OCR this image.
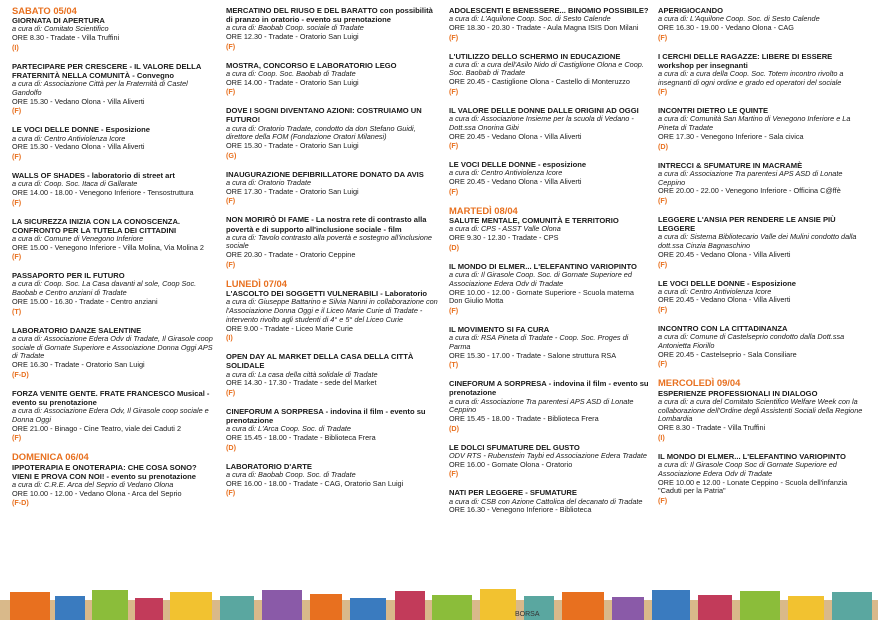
SABATO 05/04
GIORNATA DI APERTURA
a cura di: Comitato Scientifico
ORE 8.30 - Tradate - Villa Truffini
(I)
PARTECIPARE PER CRESCERE - IL VALORE DELLA FRATERNITÀ NELLA COMUNITÀ - Convegno
a cura di: Associazione Città per la Fraternità di Castel Gandolfo
ORE 15.30 - Vedano Olona - Villa Aliverti
(F)
LE VOCI DELLE DONNE - Esposizione
a cura di: Centro Antiviolenza Icore
ORE 15.30 - Vedano Olona - Villa Aliverti
(F)
WALLS OF SHADES - laboratorio di street art
a cura di: Coop. Soc. Itaca di Gallarate
ORE 14.00 - 18.00 - Venegono Inferiore - Tensostruttura
(F)
LA SICUREZZA INIZIA CON LA CONOSCENZA. CONFRONTO PER LA TUTELA DEI CITTADINI
a cura di: Comune di Venegono Inferiore
ORE 15.00 - Venegono Inferiore - Villa Molina, Via Molina 2
(F)
PASSAPORTO PER IL FUTURO
a cura di: Coop. Soc. La Casa davanti al sole, Coop Soc. Baobab e Centro anziani di Tradate
ORE 15.00 - 16.30 - Tradate - Centro anziani
(T)
LABORATORIO DANZE SALENTINE
a cura di: Associazione Edera Odv di Tradate, Il Girasole coop sociale di Gornate Superiore e Associazione Donna Oggi APS di Tradate
ORE 16.30 - Tradate - Oratorio San Luigi
(F-D)
FORZA VENITE GENTE. FRATE FRANCESCO Musical - evento su prenotazione
a cura di: Associazione Edera Odv, Il Girasole coop sociale e Donna Oggi
ORE 21.00 - Binago - Cine Teatro, viale dei Caduti 2
(F)
DOMENICA 06/04
IPPOTERAPIA E ONOTERAPIA: CHE COSA SONO? VIENI E PROVA CON NOI! - evento su prenotazione
a cura di: C.R.E. Arca del Seprio di Vedano Olona
ORE 10.00 - 12.00 - Vedano Olona - Arca del Seprio
(F-D)
MERCATINO DEL RIUSO E DEL BARATTO con possibilità di pranzo in oratorio - evento su prenotazione
a cura di: Baobab Coop. sociale di Tradate
ORE 12.30 - Tradate - Oratorio San Luigi
(F)
MOSTRA, CONCORSO E LABORATORIO LEGO
a cura di: Coop. Soc. Baobab di Tradate
ORE 14.00 - Tradate - Oratorio San Luigi
(F)
DOVE I SOGNI DIVENTANO AZIONI: COSTRUIAMO UN FUTURO!
a cura di: Oratorio Tradate, condotto da don Stefano Guidi, direttore della FOM (Fondazione Oratori Milanesi)
ORE 15.30 - Tradate - Oratorio San Luigi
(G)
INAUGURAZIONE DEFIBRILLATORE DONATO DA AVIS
a cura di: Oratorio Tradate
ORE 17.30 - Tradate - Oratorio San Luigi
(F)
NON MORIRÒ DI FAME - La nostra rete di contrasto alla povertà e di supporto all'inclusione sociale - film
a cura di: Tavolo contrasto alla povertà e sostegno all'inclusione sociale
ORE 20.30 - Tradate - Oratorio Ceppine
(F)
LUNEDÌ 07/04
L'ASCOLTO DEI SOGGETTI VULNERABILI - Laboratorio
a cura di: Giuseppe Battarino e Silvia Nanni in collaborazione con l'Associazione Donna Oggi e il Liceo Marie Curie di Tradate - intervento rivolto agli studenti di 4° e 5° del Liceo Curie
ORE 9.00 - Tradate - Liceo Marie Curie
(I)
OPEN DAY AL MARKET DELLA CASA DELLA CITTÀ SOLIDALE
a cura di: La casa della città solidale di Tradate
ORE 14.30 - 17.30 - Tradate - sede del Market
(F)
CINEFORUM A SORPRESA - indovina il film - evento su prenotazione
a cura di: L'Arca Coop. Soc. di Tradate
ORE 15.45 - 18.00 - Tradate - Biblioteca Frera
(D)
LABORATORIO D'ARTE
a cura di: Baobab Coop. Soc. di Tradate
ORE 16.00 - 18.00 - Tradate - CAG, Oratorio San Luigi
(F)
ADOLESCENTI E BENESSERE... BINOMIO POSSIBILE?
a cura di: L'Aquilone Coop. Soc. di Sesto Calende
ORE 18.30 - 20.30 - Tradate - Aula Magna ISIS Don Milani
(F)
L'UTILIZZO DELLO SCHERMO IN EDUCAZIONE
a cura di: a cura dell'Asilo Nido di Castiglione Olona e Coop. Soc. Baobab di Tradate
ORE 20.45 - Castiglione Olona - Castello di Monteruzzo
(F)
IL VALORE DELLE DONNE DALLE ORIGINI AD OGGI
a cura di: Associazione Insieme per la scuola di Vedano - Dott.ssa Onorina Gibi
ORE 20.45 - Vedano Olona - Villa Aliverti
(F)
LE VOCI DELLE DONNE - esposizione
a cura di: Centro Antiviolenza Icore
ORE 20.45 - Vedano Olona - Villa Aliverti
(F)
MARTEDÌ 08/04
SALUTE MENTALE, COMUNITÀ E TERRITORIO
a cura di: CPS - ASST Valle Olona
ORE 9.30 - 12.30 - Tradate - CPS
(D)
IL MONDO DI ELMER... L'ELEFANTINO VARIOPINTO
a cura di: Il Girasole Coop. Soc. di Gornate Superiore ed Associazione Edera Odv di Tradate
ORE 10.00 - 12.00 - Gornate Superiore - Scuola materna Don Giulio Motta
(F)
IL MOVIMENTO SI FA CURA
a cura di: RSA Pineta di Tradate - Coop. Soc. Proges di Parma
ORE 15.30 - 17.00 - Tradate - Salone struttura RSA
(T)
CINEFORUM A SORPRESA - indovina il film - evento su prenotazione
a cura di: Associazione Tra parentesi APS ASD di Lonate Ceppino
ORE 15.45 - 18.00 - Tradate - Biblioteca Frera
(D)
LE DOLCI SFUMATURE DEL GUSTO
ODV RTS - Rubenstein Taybi ed Associazione Edera Tradate
ORE 16.00 - Gornate Olona - Oratorio
(F)
NATI PER LEGGERE - SFUMATURE
a cura di: CSB con Azione Cattolica del decanato di Tradate
ORE 16.30 - Venegono Inferiore - Biblioteca
APERIGIOCANDO
a cura di: L'Aquilone Coop. Soc. di Sesto Calende
ORE 16.30 - 19.00 - Vedano Olona - CAG
(F)
I CERCHI DELLE RAGAZZE: LIBERE DI ESSERE workshop per insegnanti
a cura di: a cura della Coop. Soc. Totem incontro rivolto a insegnanti di ogni ordine e grado ed operatori del sociale
(F)
INCONTRI DIETRO LE QUINTE
a cura di: Comunità San Martino di Venegono Inferiore e La Pineta di Tradate
ORE 17.30 - Venegono Inferiore - Sala civica
(D)
INTRECCI & SFUMATURE IN MACRAMÈ
a cura di: Associazione Tra parentesi APS ASD di Lonate Ceppino
ORE 20.00 - 22.00 - Venegono Inferiore - Officina C@ffè
(F)
LEGGERE L'ANSIA PER RENDERE LE ANSIE PIÙ LEGGERE
a cura di: Sistema Bibliotecario Valle dei Mulini condotto dalla dott.ssa Cinzia Bagnaschino
ORE 20.45 - Vedano Olona - Villa Aliverti
(F)
LE VOCI DELLE DONNE - Esposizione
a cura di: Centro Antiviolenza Icore
ORE 20.45 - Vedano Olona - Villa Aliverti
(F)
INCONTRO CON LA CITTADINANZA
a cura di: Comune di Castelseprio condotto dalla Dott.ssa Antonietta Fiorillo
ORE 20.45 - Castelseprio - Sala Consiliare
(F)
MERCOLEDÌ 09/04
ESPERIENZE PROFESSIONALI IN DIALOGO
a cura di: a cura del Comitato Scientifico Welfare Week con la collaborazione dell'Ordine degli Assistenti Sociali della Regione Lombardia
ORE 8.30 - Tradate - Villa Truffini
(I)
IL MONDO DI ELMER... L'ELEFANTINO VARIOPINTO
a cura di: Il Girasole Coop Soc di Gornate Superiore ed Associazione Edera Odv di Tradate
ORE 10.00 e 12.00 - Lonate Ceppino - Scuola dell'infanzia "Caduti per la Patria"
(F)
BORSA
